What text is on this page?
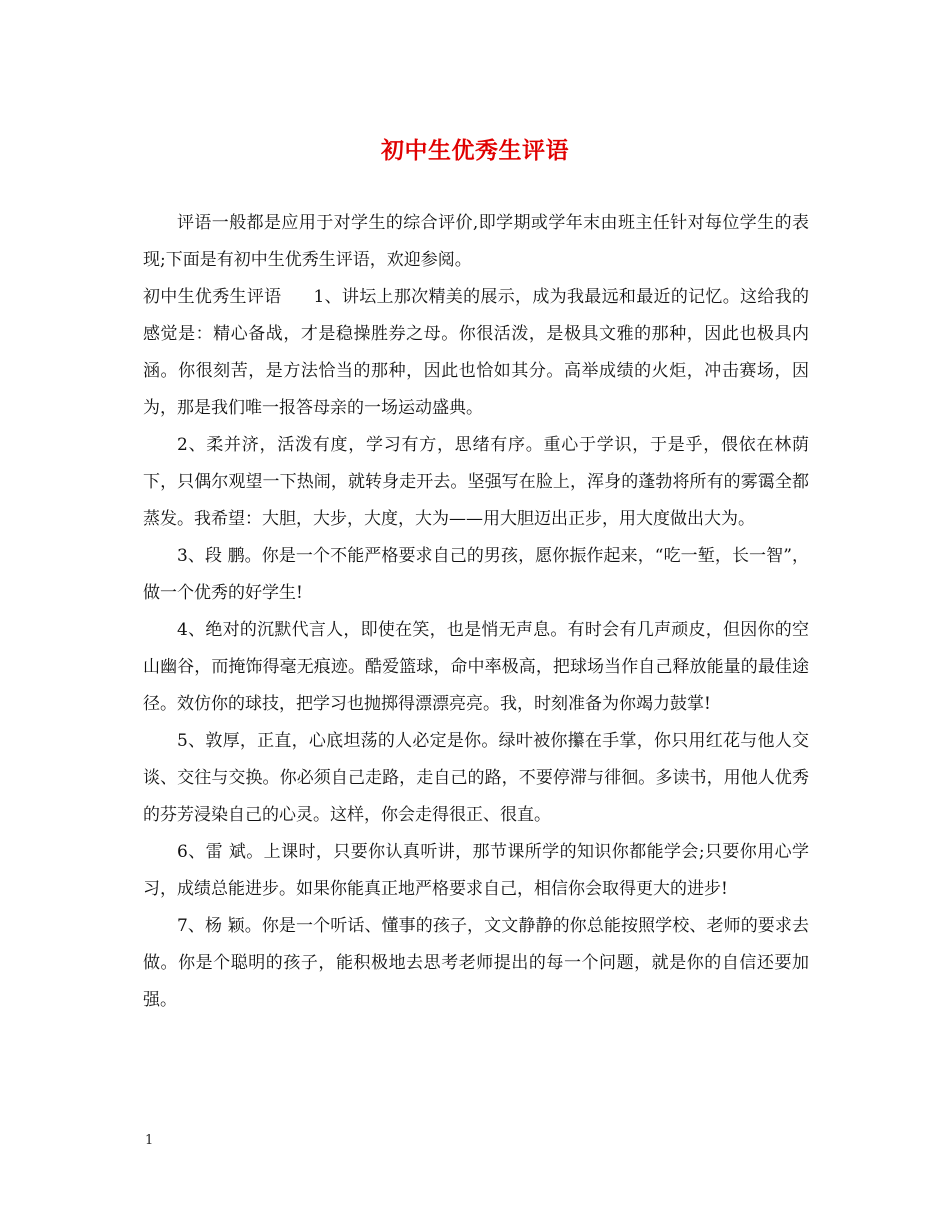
初中生优秀生评语

评语一般都是应用于对学生的综合评价,即学期或学年末由班主任针对每位学生的表现;下面是有初中生优秀生评语，欢迎参阅。

初中生优秀生评语 1、讲坛上那次精美的展示，成为我最远和最近的记忆。这给我的感觉是：精心备战，才是稳操胜券之母。你很活泼，是极具文雅的那种，因此也极具内涵。你很刻苦，是方法恰当的那种，因此也恰如其分。高举成绩的火炬，冲击赛场，因为，那是我们唯一报答母亲的一场运动盛典。

2、柔并济，活泼有度，学习有方，思绪有序。重心于学识，于是乎，偎依在林荫下，只偶尔观望一下热闹，就转身走开去。坚强写在脸上，浑身的蓬勃将所有的雾霭全都蒸发。我希望：大胆，大步，大度，大为——用大胆迈出正步，用大度做出大为。

3、段 鹏。你是一个不能严格要求自己的男孩，愿你振作起来，“吃一堑，长一智”，做一个优秀的好学生!

4、绝对的沉默代言人，即使在笑，也是悄无声息。有时会有几声顽皮，但因你的空山幽谷，而掩饰得毫无痕迹。酷爱篮球，命中率极高，把球场当作自己释放能量的最佳途径。效仿你的球技，把学习也抛掷得漂漂亮亮。我，时刻准备为你竭力鼓掌!

5、敦厚，正直，心底坦荡的人必定是你。绿叶被你攥在手掌，你只用红花与他人交谈、交往与交换。你必须自己走路，走自己的路，不要停滞与徘徊。多读书，用他人优秀的芬芳浸染自己的心灵。这样，你会走得很正、很直。

6、雷 斌。上课时，只要你认真听讲，那节课所学的知识你都能学会;只要你用心学习，成绩总能进步。如果你能真正地严格要求自己，相信你会取得更大的进步!

7、杨 颖。你是一个听话、懂事的孩子，文文静静的你总能按照学校、老师的要求去做。你是个聪明的孩子，能积极地去思考老师提出的每一个问题，就是你的自信还要加强。

1
